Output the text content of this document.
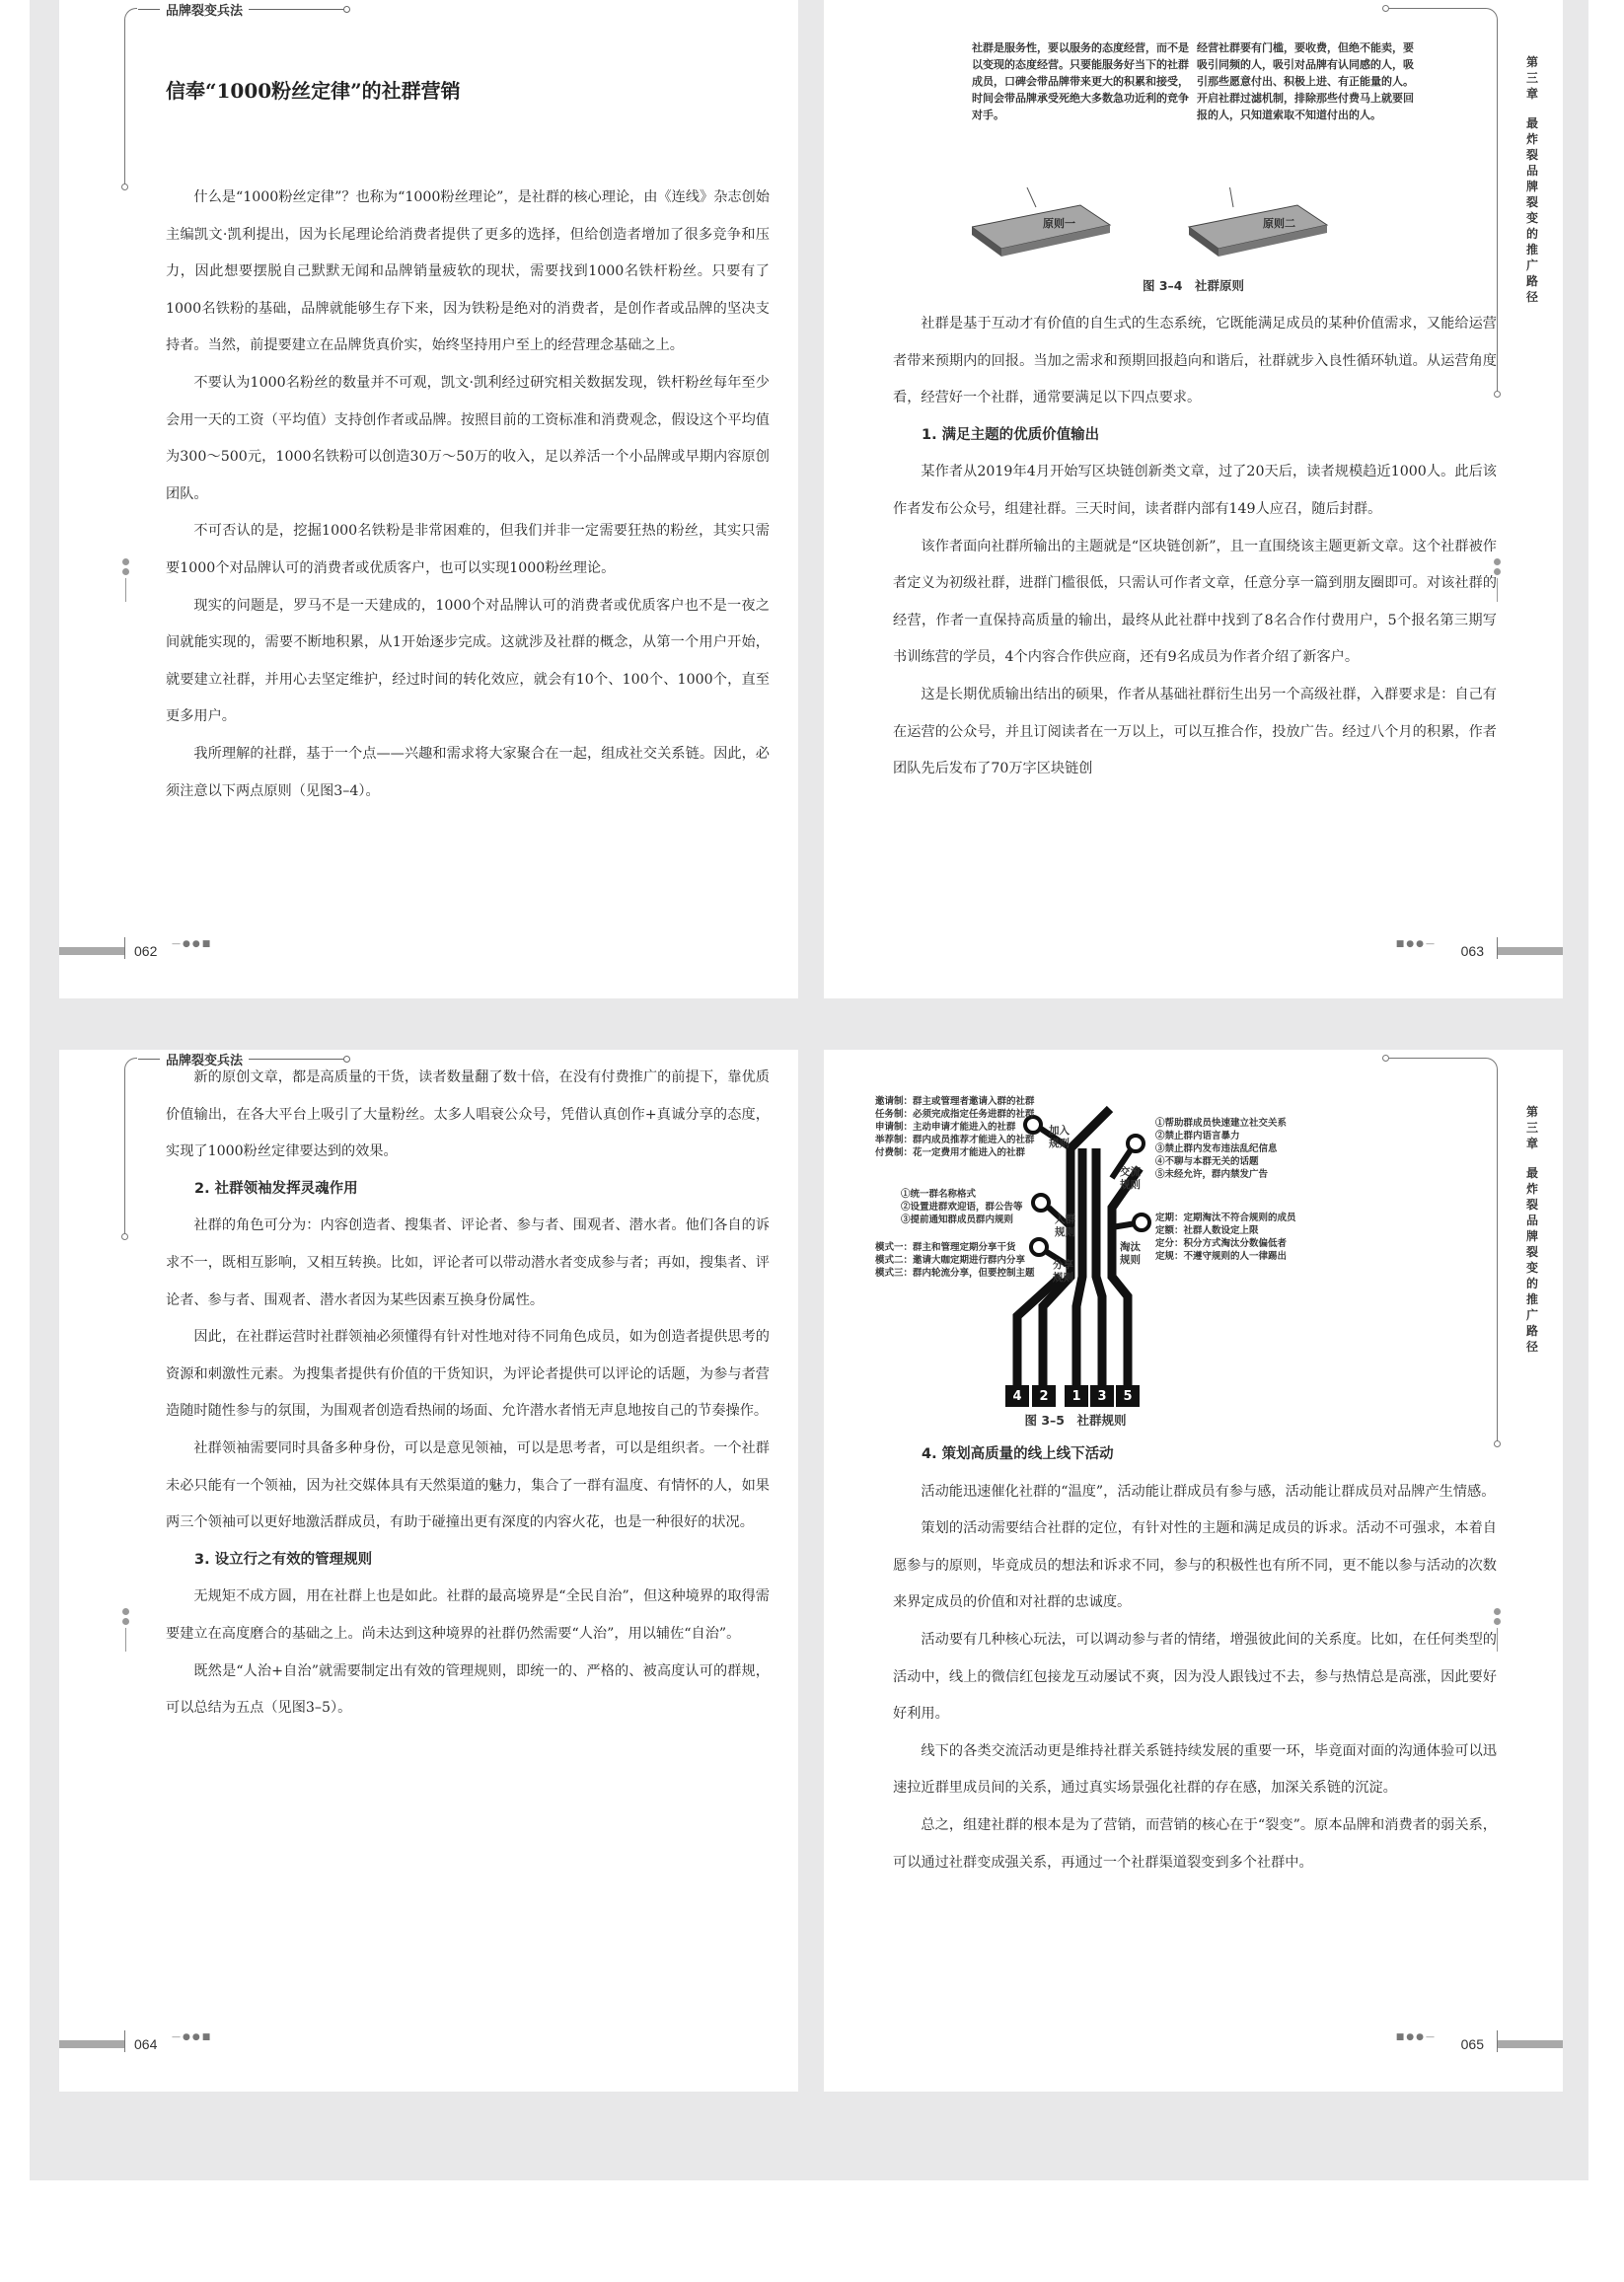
品牌裂变兵法
信奉“1000粉丝定律”的社群营销

什么是“1000粉丝定律”？也称为“1000粉丝理论”，是社群的核心理论，由《连线》杂志创始主编凯文·凯利提出，因为长尾理论给消费者提供了更多的选择，但给创造者增加了很多竞争和压力，因此想要摆脱自己默默无闻和品牌销量疲软的现状，需要找到1000名铁杆粉丝。只要有了1000名铁粉的基础，品牌就能够生存下来，因为铁粉是绝对的消费者，是创作者或品牌的坚决支持者。当然，前提要建立在品牌货真价实，始终坚持用户至上的经营理念基础之上。

不要认为1000名粉丝的数量并不可观，凯文·凯利经过研究相关数据发现，铁杆粉丝每年至少会用一天的工资（平均值）支持创作者或品牌。按照目前的工资标准和消费观念，假设这个平均值为300～500元，1000名铁粉可以创造30万～50万的收入，足以养活一个小品牌或早期内容原创团队。

不可否认的是，挖掘1000名铁粉是非常困难的，但我们并非一定需要狂热的粉丝，其实只需要1000个对品牌认可的消费者或优质客户，也可以实现1000粉丝理论。

现实的问题是，罗马不是一天建成的，1000个对品牌认可的消费者或优质客户也不是一夜之间就能实现的，需要不断地积累，从1开始逐步完成。这就涉及社群的概念，从第一个用户开始，就要建立社群，并用心去坚定维护，经过时间的转化效应，就会有10个、100个、1000个，直至更多用户。

我所理解的社群，基于一个点——兴趣和需求将大家聚合在一起，组成社交关系链。因此，必须注意以下两点原则（见图3–4）。

062 —●●■
第
三
章
最
炸
裂
品
牌
裂
变
的
推
广
路
径
社群是服务性，要以服务的态度经营，而不是以变现的态度经营。只要能服务好当下的社群成员，口碑会带品牌带来更大的积累和接受，时间会带品牌承受死绝大多数急功近利的竞争对手。
经营社群要有门槛，要收费，但绝不能卖，要吸引同频的人，吸引对品牌有认同感的人，吸引那些愿意付出、积极上进、有正能量的人。开启社群过滤机制，排除那些付费马上就要回报的人，只知道索取不知道付出的人。
原则一	原则二
图 3–4　社群原则

社群是基于互动才有价值的自生式的生态系统，它既能满足成员的某种价值需求，又能给运营者带来预期内的回报。当加之需求和预期回报趋向和谐后，社群就步入良性循环轨道。从运营角度看，经营好一个社群，通常要满足以下四点要求。

1. 满足主题的优质价值输出

某作者从2019年4月开始写区块链创新类文章，过了20天后，读者规模趋近1000人。此后该作者发布公众号，组建社群。三天时间，读者群内部有149人应召，随后封群。

该作者面向社群所输出的主题就是“区块链创新”，且一直围绕该主题更新文章。这个社群被作者定义为初级社群，进群门槛很低，只需认可作者文章，任意分享一篇到朋友圈即可。对该社群的经营，作者一直保持高质量的输出，最终从此社群中找到了8名合作付费用户，5个报名第三期写书训练营的学员，4个内容合作供应商，还有9名成员为作者介绍了新客户。

这是长期优质输出结出的硕果，作者从基础社群衍生出另一个高级社群，入群要求是：自己有在运营的公众号，并且订阅读者在一万以上，可以互推合作，投放广告。经过八个月的积累，作者团队先后发布了70万字区块链创

■●●— 063
品牌裂变兵法

新的原创文章，都是高质量的干货，读者数量翻了数十倍，在没有付费推广的前提下，靠优质价值输出，在各大平台上吸引了大量粉丝。太多人唱衰公众号，凭借认真创作+真诚分享的态度，实现了1000粉丝定律要达到的效果。

2. 社群领袖发挥灵魂作用

社群的角色可分为：内容创造者、搜集者、评论者、参与者、围观者、潜水者。他们各自的诉求不一，既相互影响，又相互转换。比如，评论者可以带动潜水者变成参与者；再如，搜集者、评论者、参与者、围观者、潜水者因为某些因素互换身份属性。

因此，在社群运营时社群领袖必须懂得有针对性地对待不同角色成员，如为创造者提供思考的资源和刺激性元素。为搜集者提供有价值的干货知识，为评论者提供可以评论的话题，为参与者营造随时随性参与的氛围，为围观者创造看热闹的场面、允许潜水者悄无声息地按自己的节奏操作。

社群领袖需要同时具备多种身份，可以是意见领袖，可以是思考者，可以是组织者。一个社群未必只能有一个领袖，因为社交媒体具有天然渠道的魅力，集合了一群有温度、有情怀的人，如果两三个领袖可以更好地激活群成员，有助于碰撞出更有深度的内容火花，也是一种很好的状况。

3. 设立行之有效的管理规则

无规矩不成方圆，用在社群上也是如此。社群的最高境界是“全民自治”，但这种境界的取得需要建立在高度磨合的基础之上。尚未达到这种境界的社群仍然需要“人治”，用以辅佐“自治”。

既然是“人治+自治”就需要制定出有效的管理规则，即统一的、严格的、被高度认可的群规，可以总结为五点（见图3–5）。

064 —●●■
第
三
章
最
炸
裂
品
牌
裂
变
的
推
广
路
径
4	2	1	3	5
加入规则
入群规则
分享规则
交流规则
淘汰规则
邀请制：群主或管理者邀请入群的社群
任务制：必须完成指定任务进群的社群
申请制：主动申请才能进入的社群
举荐制：群内成员推荐才能进入的社群
付费制：花一定费用才能进入的社群
①统一群名称格式
②设置进群欢迎语，群公告等
③提前通知群成员群内规则
模式一：群主和管理定期分享干货
模式二：邀请大咖定期进行群内分享
模式三：群内轮流分享，但要控制主题
①帮助群成员快速建立社交关系
②禁止群内语言暴力
③禁止群内发布违法乱纪信息
④不聊与本群无关的话题
⑤未经允许，群内禁发广告
定期：定期淘汰不符合规则的成员
定额：社群人数设定上限
定分：积分方式淘汰分数偏低者
定规：不遵守规则的人一律踢出
图 3–5　社群规则
4. 策划高质量的线上线下活动

活动能迅速催化社群的“温度”，活动能让群成员有参与感，活动能让群成员对品牌产生情感。

策划的活动需要结合社群的定位，有针对性的主题和满足成员的诉求。活动不可强求，本着自愿参与的原则，毕竟成员的想法和诉求不同，参与的积极性也有所不同，更不能以参与活动的次数来界定成员的价值和对社群的忠诚度。

活动要有几种核心玩法，可以调动参与者的情绪，增强彼此间的关系度。比如，在任何类型的活动中，线上的微信红包接龙互动屡试不爽，因为没人跟钱过不去，参与热情总是高涨，因此要好好利用。

线下的各类交流活动更是维持社群关系链持续发展的重要一环，毕竟面对面的沟通体验可以迅速拉近群里成员间的关系，通过真实场景强化社群的存在感，加深关系链的沉淀。

总之，组建社群的根本是为了营销，而营销的核心在于“裂变”。原本品牌和消费者的弱关系，可以通过社群变成强关系，再通过一个社群渠道裂变到多个社群中。

■●●— 065
